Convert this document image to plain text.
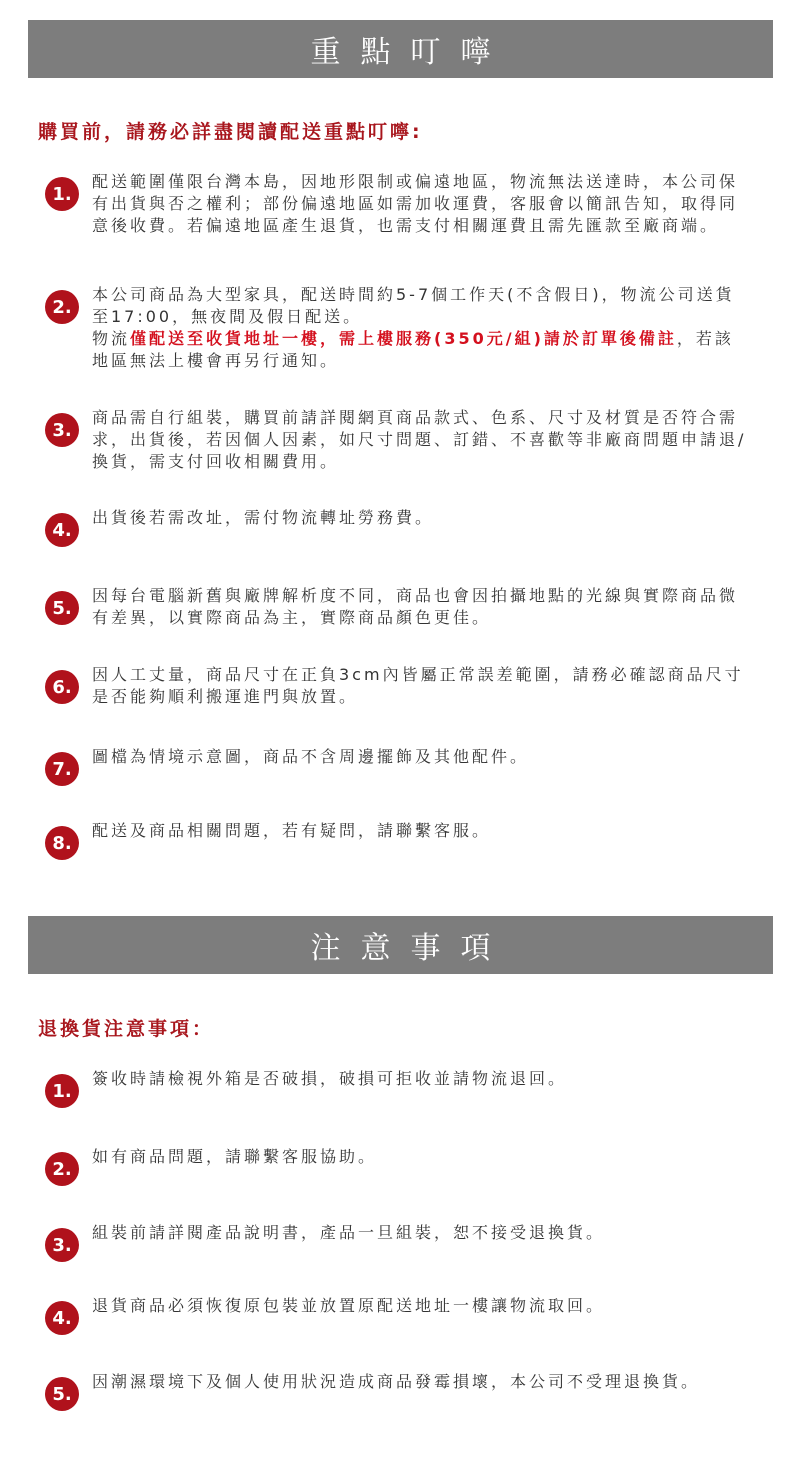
重點叮嚀
購買前，請務必詳盡閱讀配送重點叮嚀:
1.
配送範圍僅限台灣本島，因地形限制或偏遠地區，物流無法送達時，本公司保有出貨與否之權利；部份偏遠地區如需加收運費，客服會以簡訊告知，取得同意後收費。若偏遠地區產生退貨，也需支付相關運費且需先匯款至廠商端。
2.
本公司商品為大型家具，配送時間約5-7個工作天(不含假日)，物流公司送貨至17:00，無夜間及假日配送。
物流僅配送至收貨地址一樓，需上樓服務(350元/組)請於訂單後備註，若該地區無法上樓會再另行通知。
3.
商品需自行組裝，購買前請詳閱網頁商品款式、色系、尺寸及材質是否符合需求，出貨後，若因個人因素，如尺寸問題、訂錯、不喜歡等非廠商問題申請退/換貨，需支付回收相關費用。
4.
出貨後若需改址，需付物流轉址勞務費。
5.
因每台電腦新舊與廠牌解析度不同，商品也會因拍攝地點的光線與實際商品微有差異，以實際商品為主，實際商品顏色更佳。
6.
因人工丈量，商品尺寸在正負3cm內皆屬正常誤差範圍，請務必確認商品尺寸是否能夠順利搬運進門與放置。
7.
圖檔為情境示意圖，商品不含周邊擺飾及其他配件。
8.
配送及商品相關問題，若有疑問，請聯繫客服。
注意事項
退換貨注意事項：
1.
簽收時請檢視外箱是否破損，破損可拒收並請物流退回。
2.
如有商品問題，請聯繫客服協助。
3.
組裝前請詳閱產品說明書，產品一旦組裝，恕不接受退換貨。
4.
退貨商品必須恢復原包裝並放置原配送地址一樓讓物流取回。
5.
因潮濕環境下及個人使用狀況造成商品發霉損壞，本公司不受理退換貨。
